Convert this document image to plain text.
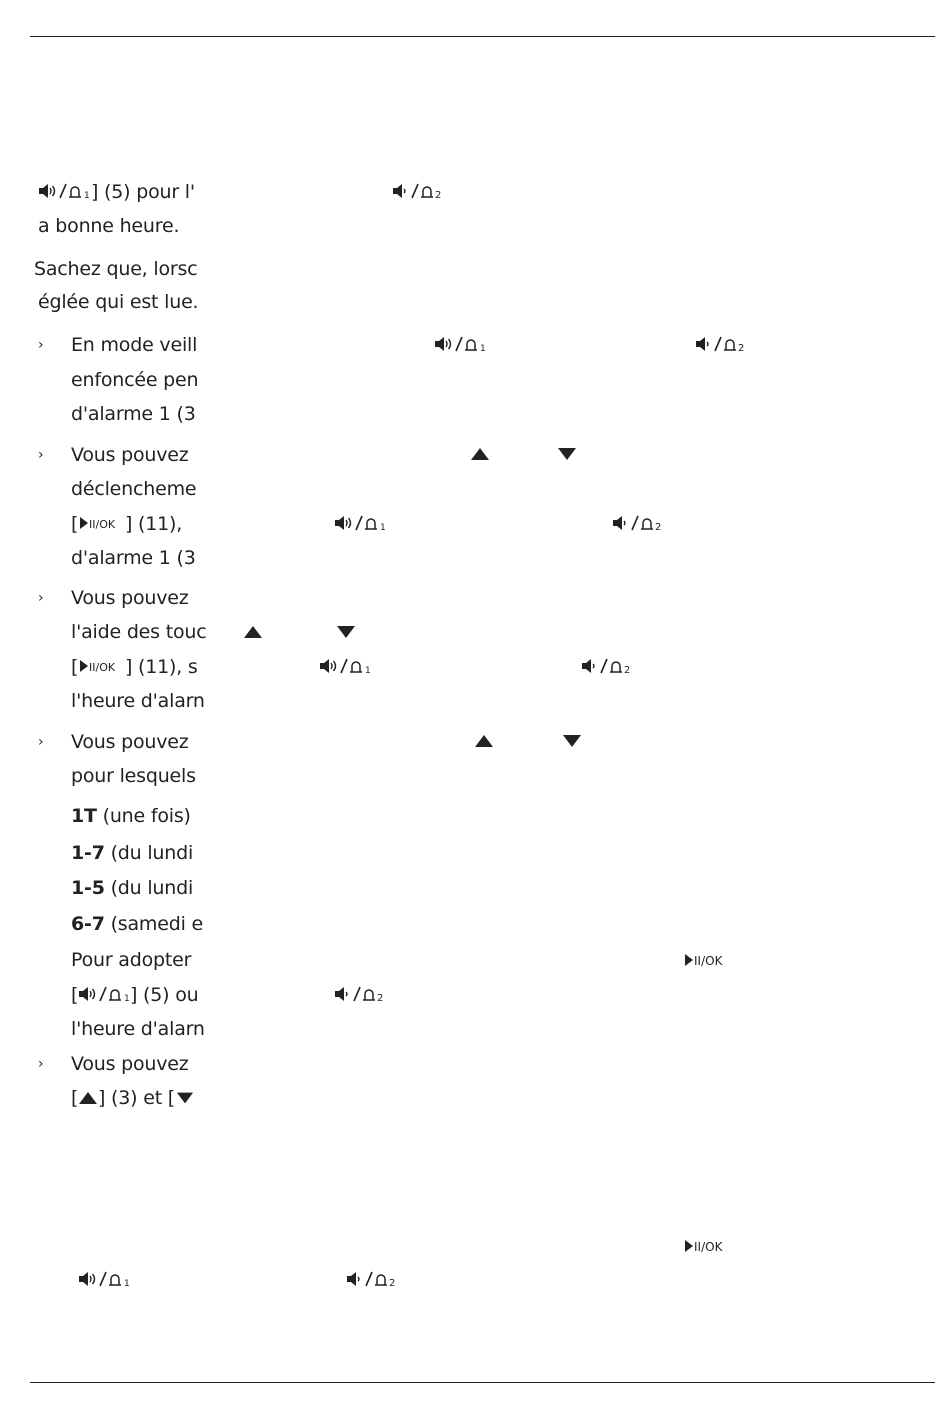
1 ] (5) pour l'	2
a bonne heure.
Sachez que, lorsc
églée qui est lue.
› En mode veill	1	2
enfoncée pen
d'alarme 1 (3
› Vous pouvez
déclencheme
[ II/OK ] (11),	1	2
d'alarme 1 (3
› Vous pouvez
l'aide des touc
[ II/OK ] (11), s	1	2
l'heure d'alarn
› Vous pouvez
pour lesquels
1T (une fois)
1-7 (du lundi
1-5 (du lundi
6-7 (samedi e
Pour adopter	II/OK
[	1 ] (5) ou	2
l'heure d'alarn
› Vous pouvez
[ ] (3) et [
II/OK
1	2
